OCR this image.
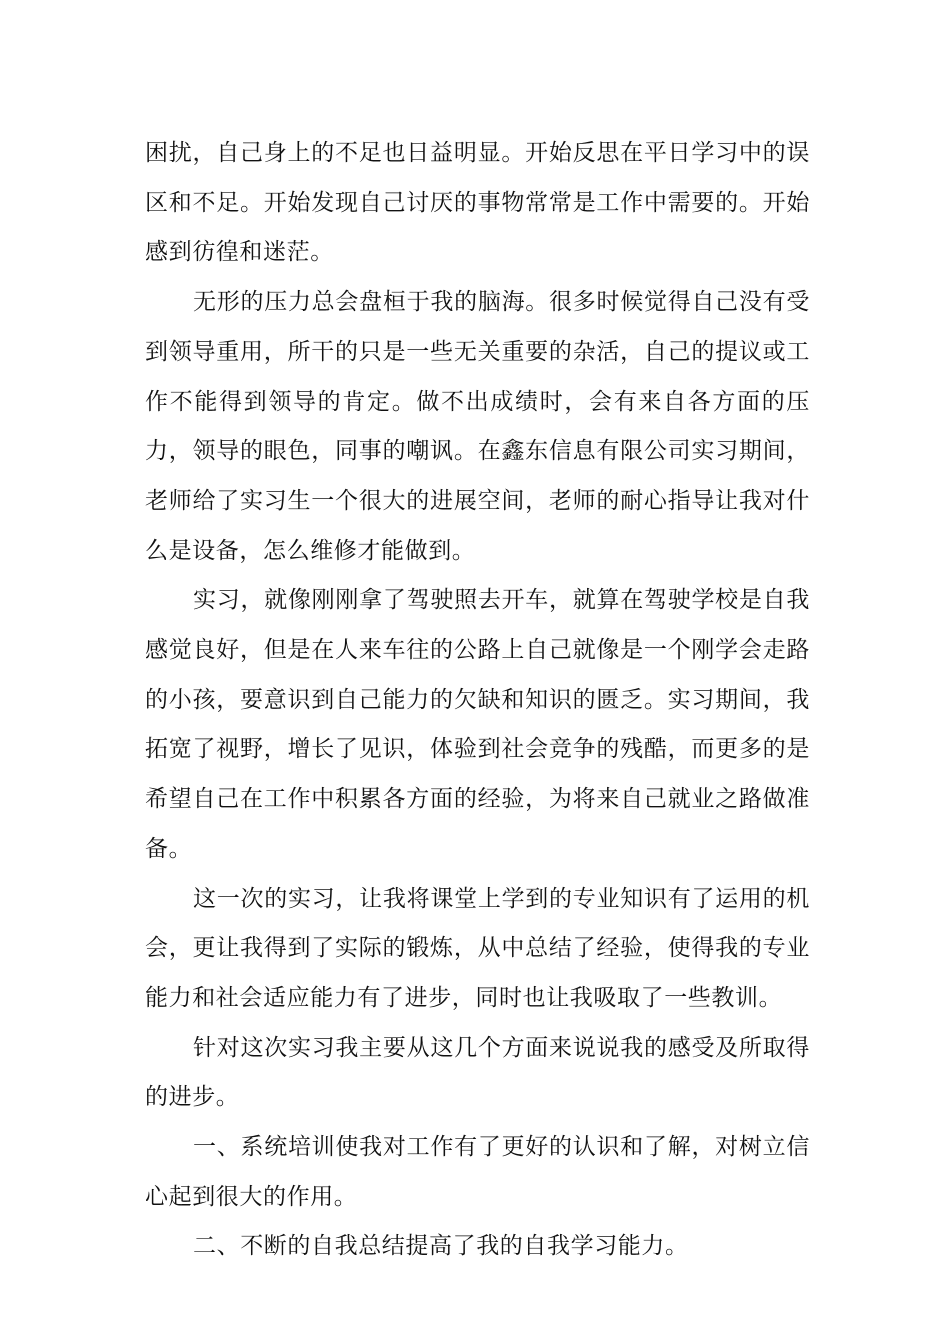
困扰，自己身上的不足也日益明显。开始反思在平日学习中的误区和不足。开始发现自己讨厌的事物常常是工作中需要的。开始感到彷徨和迷茫。

无形的压力总会盘桓于我的脑海。很多时候觉得自己没有受到领导重用，所干的只是一些无关重要的杂活，自己的提议或工作不能得到领导的肯定。做不出成绩时，会有来自各方面的压力，领导的眼色，同事的嘲讽。在鑫东信息有限公司实习期间，老师给了实习生一个很大的进展空间，老师的耐心指导让我对什么是设备，怎么维修才能做到。

实习，就像刚刚拿了驾驶照去开车，就算在驾驶学校是自我感觉良好，但是在人来车往的公路上自己就像是一个刚学会走路的小孩，要意识到自己能力的欠缺和知识的匮乏。实习期间，我拓宽了视野，增长了见识，体验到社会竞争的残酷，而更多的是希望自己在工作中积累各方面的经验，为将来自己就业之路做准备。

这一次的实习，让我将课堂上学到的专业知识有了运用的机会，更让我得到了实际的锻炼，从中总结了经验，使得我的专业能力和社会适应能力有了进步，同时也让我吸取了一些教训。

针对这次实习我主要从这几个方面来说说我的感受及所取得的进步。

一、系统培训使我对工作有了更好的认识和了解，对树立信心起到很大的作用。

二、不断的自我总结提高了我的自我学习能力。
